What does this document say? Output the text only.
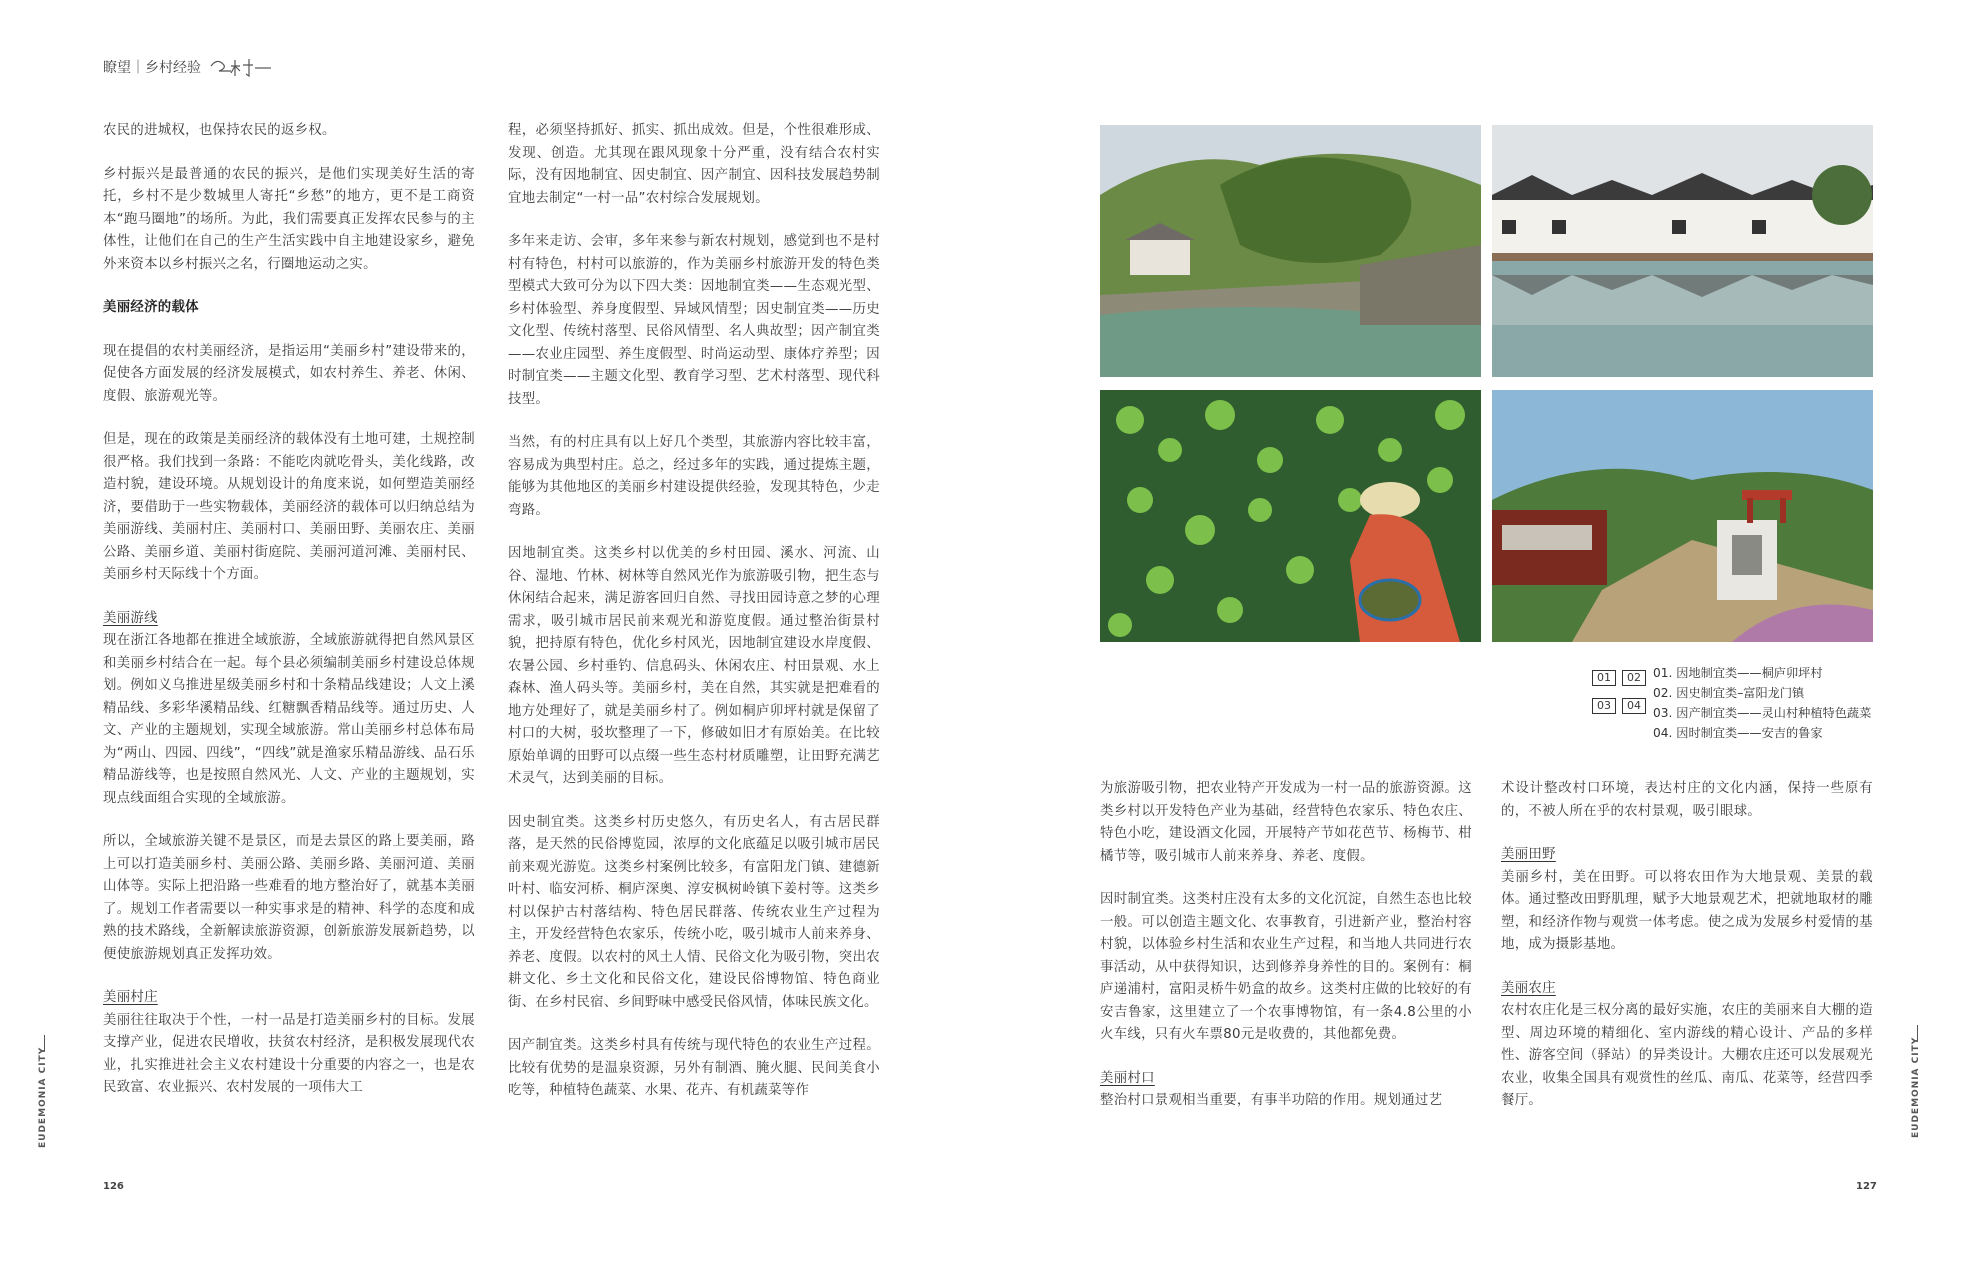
瞭望｜乡村经验

农民的进城权，也保持农民的返乡权。

乡村振兴是最普通的农民的振兴，是他们实现美好生活的寄托，乡村不是少数城里人寄托“乡愁”的地方，更不是工商资本“跑马圈地”的场所。为此，我们需要真正发挥农民参与的主体性，让他们在自己的生产生活实践中自主地建设家乡，避免外来资本以乡村振兴之名，行圈地运动之实。

美丽经济的载体

现在提倡的农村美丽经济，是指运用“美丽乡村”建设带来的，促使各方面发展的经济发展模式，如农村养生、养老、休闲、度假、旅游观光等。

但是，现在的政策是美丽经济的载体没有土地可建，土规控制很严格。我们找到一条路：不能吃肉就吃骨头，美化线路，改造村貌，建设环境。从规划设计的角度来说，如何塑造美丽经济，要借助于一些实物载体，美丽经济的载体可以归纳总结为美丽游线、美丽村庄、美丽村口、美丽田野、美丽农庄、美丽公路、美丽乡道、美丽村街庭院、美丽河道河滩、美丽村民、美丽乡村天际线十个方面。

美丽游线

现在浙江各地都在推进全域旅游，全域旅游就得把自然风景区和美丽乡村结合在一起。每个县必须编制美丽乡村建设总体规划。例如义乌推进星级美丽乡村和十条精品线建设；人文上溪精品线、多彩华溪精品线、红糖飘香精品线等。通过历史、人文、产业的主题规划，实现全域旅游。常山美丽乡村总体布局为“两山、四园、四线”，“四线”就是渔家乐精品游线、品石乐精品游线等，也是按照自然风光、人文、产业的主题规划，实现点线面组合实现的全域旅游。

所以，全域旅游关键不是景区，而是去景区的路上要美丽，路上可以打造美丽乡村、美丽公路、美丽乡路、美丽河道、美丽山体等。实际上把沿路一些难看的地方整治好了，就基本美丽了。规划工作者需要以一种实事求是的精神、科学的态度和成熟的技术路线，全新解读旅游资源，创新旅游发展新趋势，以便使旅游规划真正发挥功效。

美丽村庄

美丽往往取决于个性，一村一品是打造美丽乡村的目标。发展支撑产业，促进农民增收，扶贫农村经济，是积极发展现代农业，扎实推进社会主义农村建设十分重要的内容之一，也是农民致富、农业振兴、农村发展的一项伟大工

程，必须坚持抓好、抓实、抓出成效。但是，个性很难形成、发现、创造。尤其现在跟风现象十分严重，没有结合农村实际，没有因地制宜、因史制宜、因产制宜、因科技发展趋势制宜地去制定“一村一品”农村综合发展规划。

多年来走访、会审，多年来参与新农村规划，感觉到也不是村村有特色，村村可以旅游的，作为美丽乡村旅游开发的特色类型模式大致可分为以下四大类：因地制宜类——生态观光型、乡村体验型、养身度假型、异域风情型；因史制宜类——历史文化型、传统村落型、民俗风情型、名人典故型；因产制宜类——农业庄园型、养生度假型、时尚运动型、康体疗养型；因时制宜类——主题文化型、教育学习型、艺术村落型、现代科技型。

当然，有的村庄具有以上好几个类型，其旅游内容比较丰富，容易成为典型村庄。总之，经过多年的实践，通过提炼主题，能够为其他地区的美丽乡村建设提供经验，发现其特色，少走弯路。

因地制宜类。这类乡村以优美的乡村田园、溪水、河流、山谷、湿地、竹林、树林等自然风光作为旅游吸引物，把生态与休闲结合起来，满足游客回归自然、寻找田园诗意之梦的心理需求，吸引城市居民前来观光和游览度假。通过整治街景村貌，把持原有特色，优化乡村风光，因地制宜建设水岸度假、农暑公园、乡村垂钓、信息码头、休闲农庄、村田景观、水上森林、渔人码头等。美丽乡村，美在自然，其实就是把难看的地方处理好了，就是美丽乡村了。例如桐庐卯坪村就是保留了村口的大树，驳坎整理了一下，修破如旧才有原始美。在比较原始单调的田野可以点缀一些生态村材质雕塑，让田野充满艺术灵气，达到美丽的目标。

因史制宜类。这类乡村历史悠久，有历史名人，有古居民群落，是天然的民俗博览园，浓厚的文化底蕴足以吸引城市居民前来观光游览。这类乡村案例比较多，有富阳龙门镇、建德新叶村、临安河桥、桐庐深奥、淳安枫树岭镇下姜村等。这类乡村以保护古村落结构、特色居民群落、传统农业生产过程为主，开发经营特色农家乐，传统小吃，吸引城市人前来养身、养老、度假。以农村的风土人情、民俗文化为吸引物，突出农耕文化、乡土文化和民俗文化，建设民俗博物馆、特色商业街、在乡村民宿、乡间野味中感受民俗风情，体味民族文化。

因产制宜类。这类乡村具有传统与现代特色的农业生产过程。比较有优势的是温泉资源，另外有制酒、腌火腿、民间美食小吃等，种植特色蔬菜、水果、花卉、有机蔬菜等作

EUDEMONIA CITY
126
01 02
03 04
01. 因地制宜类——桐庐卯坪村
02. 因史制宜类–富阳龙门镇
03. 因产制宜类——灵山村种植特色蔬菜
04. 因时制宜类——安吉的鲁家

为旅游吸引物，把农业特产开发成为一村一品的旅游资源。这类乡村以开发特色产业为基础，经营特色农家乐、特色农庄、特色小吃，建设酒文化园，开展特产节如花芭节、杨梅节、柑橘节等，吸引城市人前来养身、养老、度假。

因时制宜类。这类村庄没有太多的文化沉淀，自然生态也比较一般。可以创造主题文化、农事教育，引进新产业，整治村容村貌，以体验乡村生活和农业生产过程，和当地人共同进行农事活动，从中获得知识，达到修养身养性的目的。案例有：桐庐递浦村，富阳灵桥牛奶盒的故乡。这类村庄做的比较好的有安吉鲁家，这里建立了一个农事博物馆，有一条4.8公里的小火车线，只有火车票80元是收费的，其他都免费。

美丽村口

整治村口景观相当重要，有事半功陪的作用。规划通过艺

术设计整改村口环境，表达村庄的文化内涵，保持一些原有的，不被人所在乎的农村景观，吸引眼球。

美丽田野

美丽乡村，美在田野。可以将农田作为大地景观、美景的载体。通过整改田野肌理，赋予大地景观艺术，把就地取材的雕塑，和经济作物与观赏一体考虑。使之成为发展乡村爱情的基地，成为摄影基地。

美丽农庄

农村农庄化是三权分离的最好实施，农庄的美丽来自大棚的造型、周边环境的精细化、室内游线的精心设计、产品的多样性、游客空间（驿站）的异类设计。大棚农庄还可以发展观光农业，收集全国具有观赏性的丝瓜、南瓜、花菜等，经营四季餐厅。	EUDEMONIA CITY
127
